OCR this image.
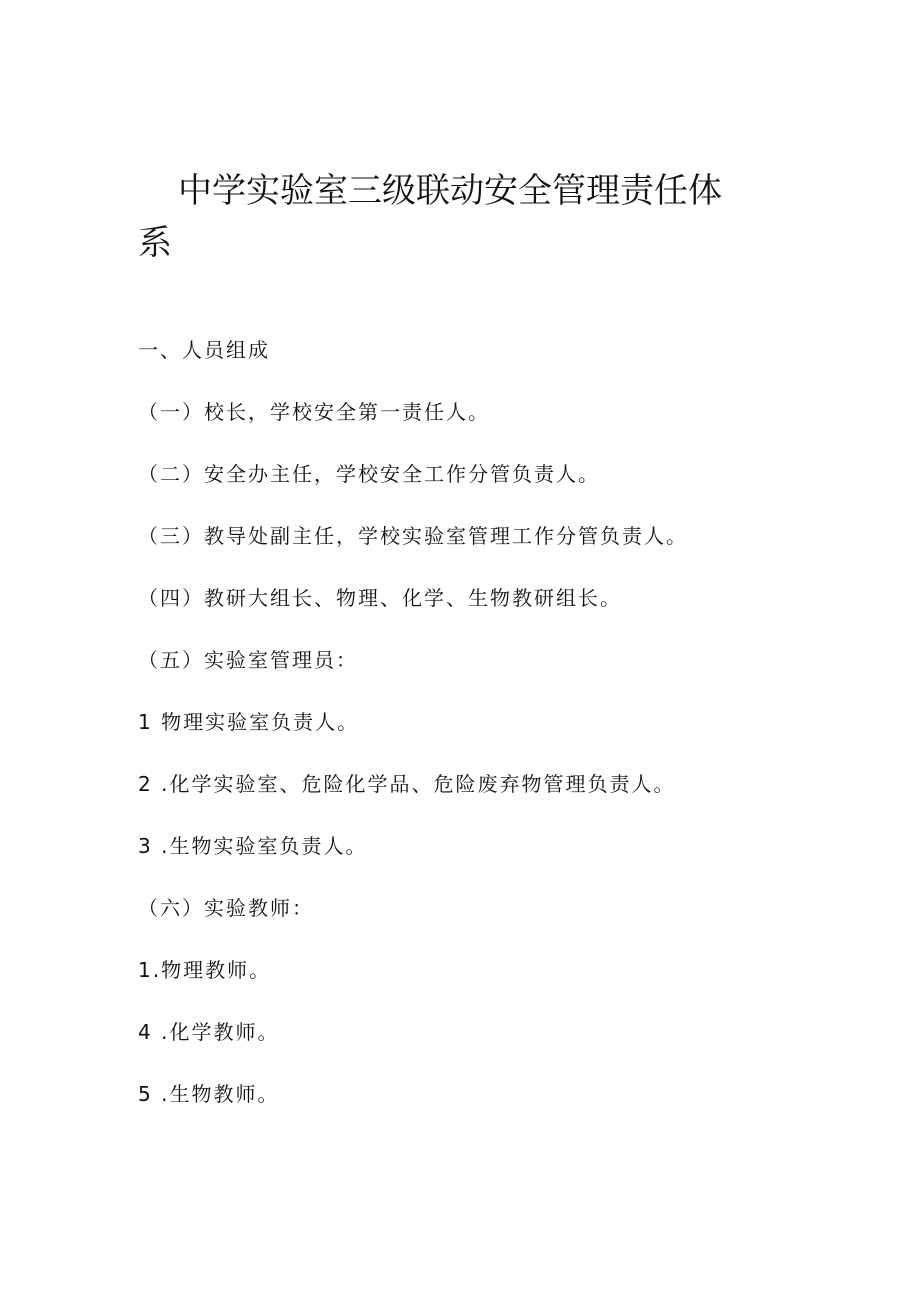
中学实验室三级联动安全管理责任体系

一、人员组成

（一）校长，学校安全第一责任人。

（二）安全办主任，学校安全工作分管负责人。

（三）教导处副主任，学校实验室管理工作分管负责人。

（四）教研大组长、物理、化学、生物教研组长。

（五）实验室管理员：

1 物理实验室负责人。

2 .化学实验室、危险化学品、危险废弃物管理负责人。

3 .生物实验室负责人。

（六）实验教师：

1.物理教师。

4 .化学教师。

5 .生物教师。
